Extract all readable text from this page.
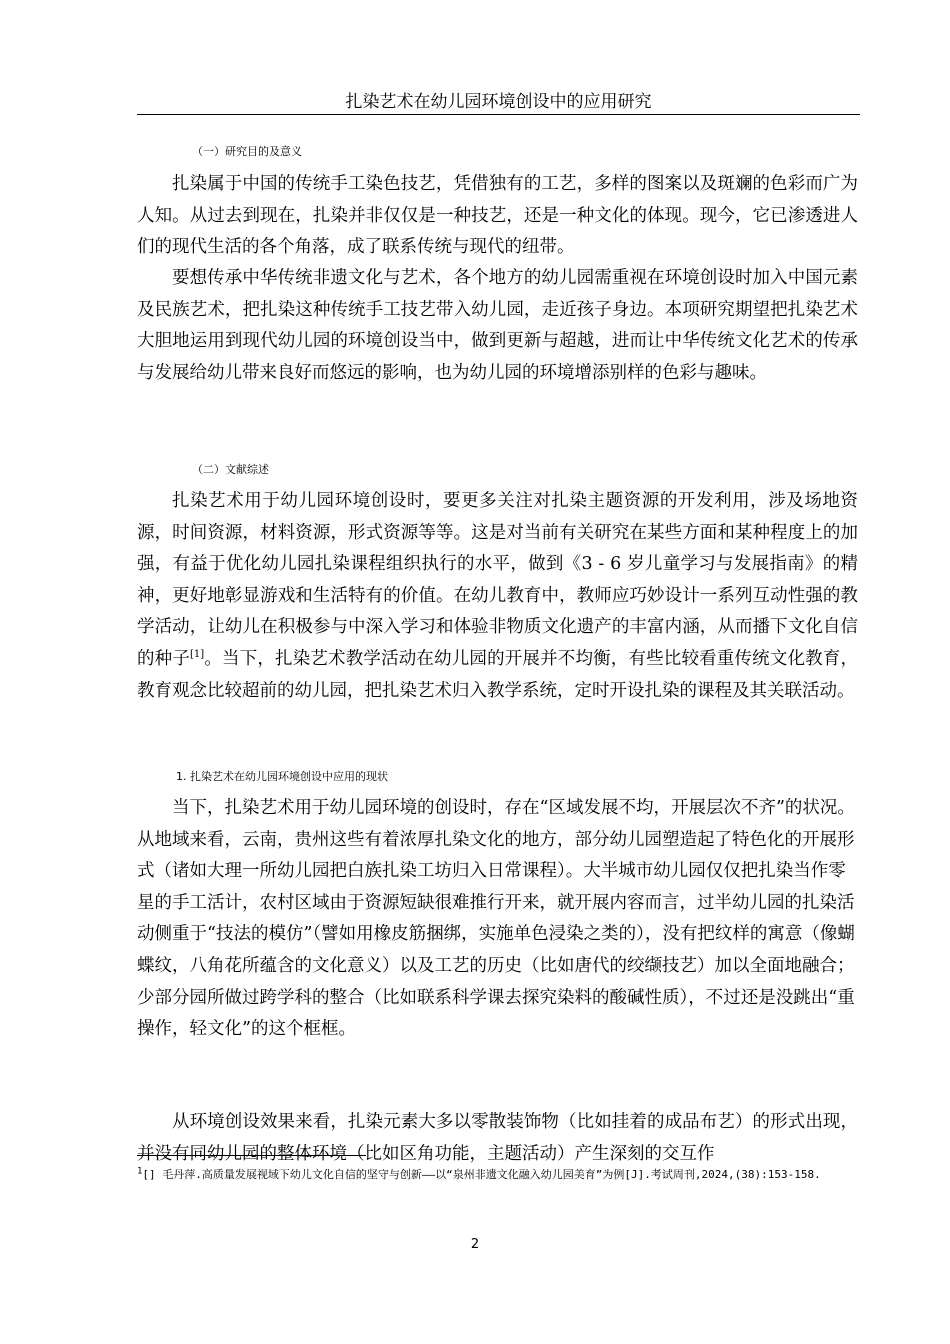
扎染艺术在幼儿园环境创设中的应用研究
（一）研究目的及意义

扎染属于中国的传统手工染色技艺，凭借独有的工艺，多样的图案以及斑斓的色彩而广为人知。从过去到现在，扎染并非仅仅是一种技艺，还是一种文化的体现。现今，它已渗透进人们的现代生活的各个角落，成了联系传统与现代的纽带。

要想传承中华传统非遗文化与艺术，各个地方的幼儿园需重视在环境创设时加入中国元素及民族艺术，把扎染这种传统手工技艺带入幼儿园，走近孩子身边。本项研究期望把扎染艺术大胆地运用到现代幼儿园的环境创设当中，做到更新与超越，进而让中华传统文化艺术的传承与发展给幼儿带来良好而悠远的影响，也为幼儿园的环境增添别样的色彩与趣味。

（二）文献综述

扎染艺术用于幼儿园环境创设时，要更多关注对扎染主题资源的开发利用，涉及场地资源，时间资源，材料资源，形式资源等等。这是对当前有关研究在某些方面和某种程度上的加强，有益于优化幼儿园扎染课程组织执行的水平，做到《3 - 6 岁儿童学习与发展指南》的精神，更好地彰显游戏和生活特有的价值。在幼儿教育中，教师应巧妙设计一系列互动性强的教学活动，让幼儿在积极参与中深入学习和体验非物质文化遗产的丰富内涵，从而播下文化自信的种子[1]。当下，扎染艺术教学活动在幼儿园的开展并不均衡，有些比较看重传统文化教育，教育观念比较超前的幼儿园，把扎染艺术归入教学系统，定时开设扎染的课程及其关联活动。

1. 扎染艺术在幼儿园环境创设中应用的现状

当下，扎染艺术用于幼儿园环境的创设时，存在“区域发展不均，开展层次不齐”的状况。从地域来看，云南，贵州这些有着浓厚扎染文化的地方，部分幼儿园塑造起了特色化的开展形式（诸如大理一所幼儿园把白族扎染工坊归入日常课程）。大半城市幼儿园仅仅把扎染当作零星的手工活计，农村区域由于资源短缺很难推行开来，就开展内容而言，过半幼儿园的扎染活动侧重于“技法的模仿”（譬如用橡皮筋捆绑，实施单色浸染之类的），没有把纹样的寓意（像蝴蝶纹，八角花所蕴含的文化意义）以及工艺的历史（比如唐代的绞缬技艺）加以全面地融合；少部分园所做过跨学科的整合（比如联系科学课去探究染料的酸碱性质），不过还是没跳出“重操作，轻文化”的这个框框。

从环境创设效果来看，扎染元素大多以零散装饰物（比如挂着的成品布艺）的形式出现，并没有同幼儿园的整体环境（比如区角功能，主题活动）产生深刻的交互作

$^1$[] 毛丹萍.高质量发展视域下幼儿文化自信的坚守与创新——以“泉州非遗文化融入幼儿园美育”为例[J].考试周刊,2024,(38):153-158.
2
